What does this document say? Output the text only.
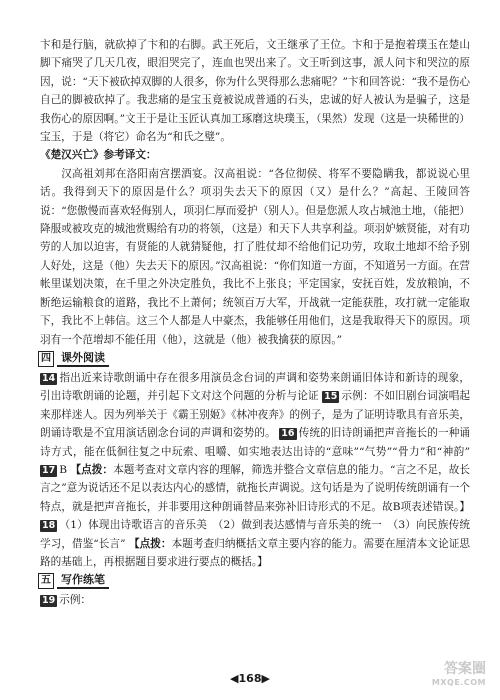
卞和是行脑，就砍掉了卞和的右脚。武王死后，文王继承了王位。卞和于是抱着璞玉在楚山脚下痛哭了几天几夜，眼泪哭完了，连血也哭出来了。文王听到这事，派人问卞和哭泣的原因，说：“天下被砍掉双脚的人很多，你为什么哭得那么悲痛呢？”卞和回答说：“我不是伤心自己的脚被砍掉了。我悲痛的是宝玉竟被说成普通的石头，忠诚的好人被认为是骗子，这是我伤心的原因啊。”文王于是让玉匠认真加工琢磨这块璞玉，（果然）发现（这是一块稀世的）宝玉，于是（将它）命名为“和氏之璧”。

《楚汉兴亡》参考译文：

汉高祖刘邦在洛阳南宫摆酒宴。汉高祖说：“各位彻侯、将军不要隐瞒我，都说说心里话。我得到天下的原因是什么？项羽失去天下的原因（又）是什么？”高起、王陵回答说：“您傲慢而喜欢轻侮别人，项羽仁厚而爱护（别人）。但是您派人攻占城池土地，（能把）降服或被攻克的城池赏赐给有功的将领，（这是）和天下人共享利益。项羽妒嫉贤能，对有功劳的人加以迫害，有贤能的人就猜疑他，打了胜仗却不给他们记功劳，攻取土地却不给予别人好处，这是（他）失去天下的原因。”汉高祖说：“你们知道一方面，不知道另一方面。在营帐里谋划决策，在千里之外决定胜负，我比不上张良；平定国家，安抚百姓，发放粮饷，不断绝运输粮食的道路，我比不上萧何；统领百万大军，开战就一定能获胜，攻打就一定能取下，我比不上韩信。这三个人都是人中豪杰，我能够任用他们，这是我取得天下的原因。项羽有一个范增却不能任用（他），这就是（他）被我擒获的原因。”

四 课外阅读

14 指出近来诗歌朗诵中存在很多用演员念台词的声调和姿势来朗诵旧体诗和新诗的现象，引出诗歌朗诵的论题，并引起下文对这个问题的分析与论证 15 示例：不如旧剧台词演唱起来那样迷人。因为列举关于《霸王别姬》《林冲夜奔》的例子，是为了证明诗歌具有音乐美，朗诵诗歌是不宜用演话剧念台词的声调和姿势的。 16 传统的旧诗朗诵把声音拖长的一种诵诗方式，能在低徊往复之中玩索、咀嚼、如实地表达出诗的“意味”“气势”“骨力”和“神韵” 17 B 【点拨：本题考查对文章内容的理解，筛选并整合文章信息的能力。“言之不足，故长言之”意为说话还不足以表达内心的感情，就拖长声调说。这句话是为了说明传统朗诵有一个特点，就是把声音拖长，并非要用这种朗诵替品来弥补旧诗形式的不足。故B项表述错误。】 18 （1）体现出诗歌语言的音乐美　（2）做到表达感情与音乐美的统一　（3）向民族传统学习，借鉴“长言” 【点拨：本题考查归纳概括文章主要内容的能力。需要在厘清本文论证思路的基础上，再根据题目要求进行要点的概括。】

五 写作练笔

19 示例：

◀168▶
答案圈
MXQE.COM
